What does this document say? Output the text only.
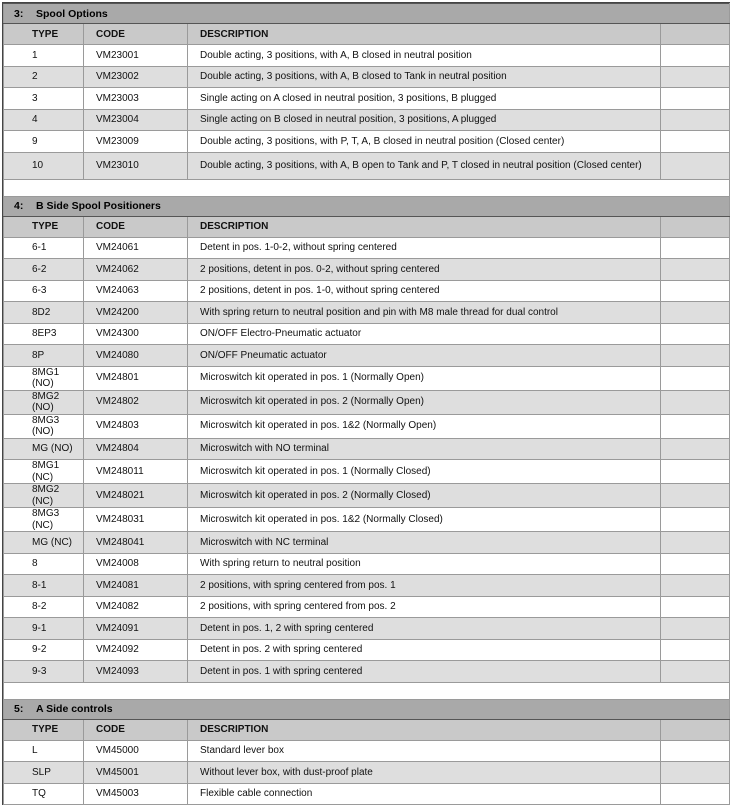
3: Spool Options			
TYPE	CODE	DESCRIPTION	
1	VM23001	Double acting, 3 positions, with A, B closed in neutral position	
2	VM23002	Double acting, 3 positions, with A, B closed to Tank in neutral position	
3	VM23003	Single acting on A closed in neutral position, 3 positions, B plugged	
4	VM23004	Single acting on B closed in neutral position, 3 positions, A plugged	
9	VM23009	Double acting, 3 positions, with P, T, A, B closed in neutral position (Closed center)	
10	VM23010	Double acting, 3 positions, with A, B open to Tank and P, T closed in neutral position (Closed center)	

4: B Side Spool Positioners			
TYPE	CODE	DESCRIPTION	
6-1	VM24061	Detent in pos. 1-0-2, without spring centered	
6-2	VM24062	2 positions, detent in pos. 0-2, without spring centered	
6-3	VM24063	2 positions, detent in pos. 1-0, without spring centered	
8D2	VM24200	With spring return to neutral position and pin with M8 male thread for dual control	
8EP3	VM24300	ON/OFF Electro-Pneumatic actuator	
8P	VM24080	ON/OFF Pneumatic actuator	
8MG1 (NO)	VM24801	Microswitch kit operated in pos. 1 (Normally Open)	
8MG2 (NO)	VM24802	Microswitch kit operated in pos. 2 (Normally Open)	
8MG3 (NO)	VM24803	Microswitch kit operated in pos. 1&2 (Normally Open)	
MG (NO)	VM24804	Microswitch with NO terminal	
8MG1 (NC)	VM248011	Microswitch kit operated in pos. 1 (Normally Closed)	
8MG2 (NC)	VM248021	Microswitch kit operated in pos. 2 (Normally Closed)	
8MG3 (NC)	VM248031	Microswitch kit operated in pos. 1&2 (Normally Closed)	
MG (NC)	VM248041	Microswitch with NC terminal	
8	VM24008	With spring return to neutral position	
8-1	VM24081	2 positions, with spring centered from pos. 1	
8-2	VM24082	2 positions, with spring centered from pos. 2	
9-1	VM24091	Detent in pos. 1, 2 with spring centered	
9-2	VM24092	Detent in pos. 2 with spring centered	
9-3	VM24093	Detent in pos. 1 with spring centered	

5: A Side controls			
TYPE	CODE	DESCRIPTION	
L	VM45000	Standard lever box	
SLP	VM45001	Without lever box, with dust-proof plate	
TQ	VM45003	Flexible cable connection	
